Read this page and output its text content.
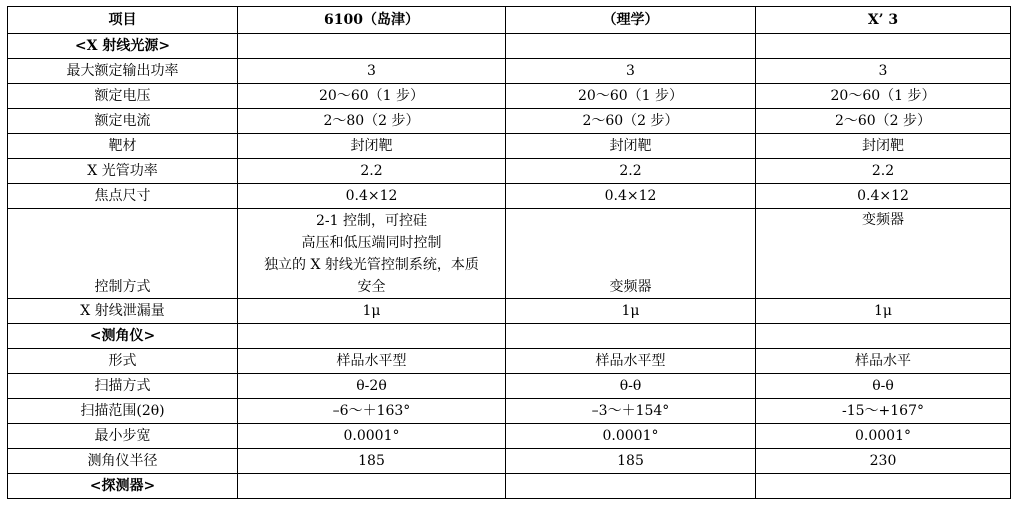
项目	6100（岛津）	（理学）	X’ 3
<X 射线光源>			
最大额定输出功率	3	3	3
额定电压	20～60（1 步）	20～60（1 步）	20～60（1 步）
额定电流	2～80（2 步）	2～60（2 步）	2～60（2 步）
靶材	封闭靶	封闭靶	封闭靶
X 光管功率	2.2	2.2	2.2
焦点尺寸	0.4×12	0.4×12	0.4×12
控制方式	2-1 控制，可控硅
高压和低压端同时控制
独立的 X 射线光管控制系统，本质
安全	变频器	变频器
X 射线泄漏量	1μ	1μ	1μ
<测角仪>			
形式	样品水平型	样品水平型	样品水平
扫描方式	θ-2θ	θ-θ	θ-θ
扫描范围(2θ)	–6～＋163°	–3～＋154°	-15～+167°
最小步宽	0.0001°	0.0001°	0.0001°
测角仪半径	185	185	230
<探测器>			
